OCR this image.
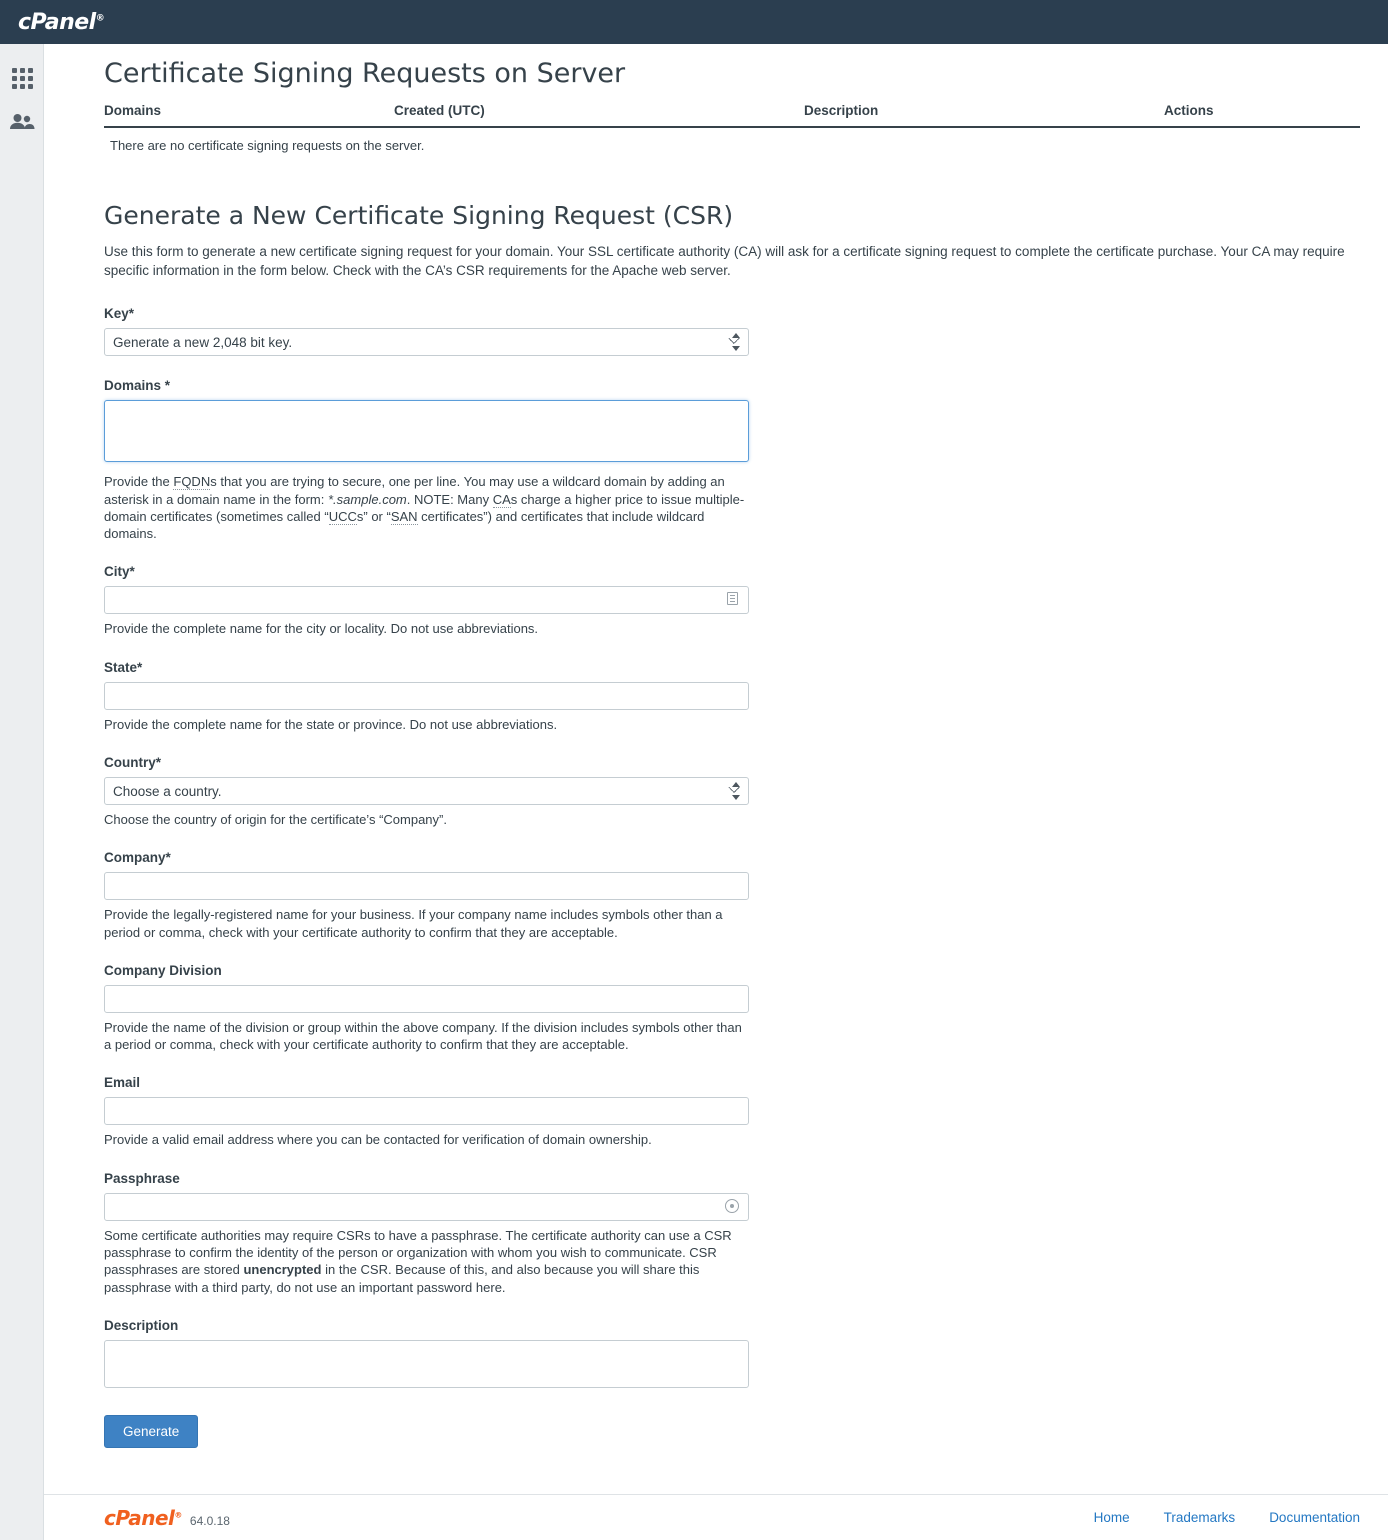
cPanel®
Certificate Signing Requests on Server
Domains	Created (UTC)	Description	Actions
There are no certificate signing requests on the server.
Generate a New Certificate Signing Request (CSR)
Use this form to generate a new certificate signing request for your domain. Your SSL certificate authority (CA) will ask for a certificate signing request to complete the certificate purchase. Your CA may require specific information in the form below. Check with the CA’s CSR requirements for the Apache web server.
Key*
Generate a new 2,048 bit key.
Domains *
Provide the FQDNs that you are trying to secure, one per line. You may use a wildcard domain by adding an asterisk in a domain name in the form: *.sample.com. NOTE: Many CAs charge a higher price to issue multiple-domain certificates (sometimes called “UCCs” or “SAN certificates”) and certificates that include wildcard domains.
City*
Provide the complete name for the city or locality. Do not use abbreviations.
State*
Provide the complete name for the state or province. Do not use abbreviations.
Country*
Choose a country.
Choose the country of origin for the certificate’s “Company”.
Company*
Provide the legally-registered name for your business. If your company name includes symbols other than a period or comma, check with your certificate authority to confirm that they are acceptable.
Company Division
Provide the name of the division or group within the above company. If the division includes symbols other than a period or comma, check with your certificate authority to confirm that they are acceptable.
Email
Provide a valid email address where you can be contacted for verification of domain ownership.
Passphrase
Some certificate authorities may require CSRs to have a passphrase. The certificate authority can use a CSR passphrase to confirm the identity of the person or organization with whom you wish to communicate. CSR passphrases are stored unencrypted in the CSR. Because of this, and also because you will share this passphrase with a third party, do not use an important password here.
Description
Generate
cPanel® 64.0.18	Home	Trademarks	Documentation
